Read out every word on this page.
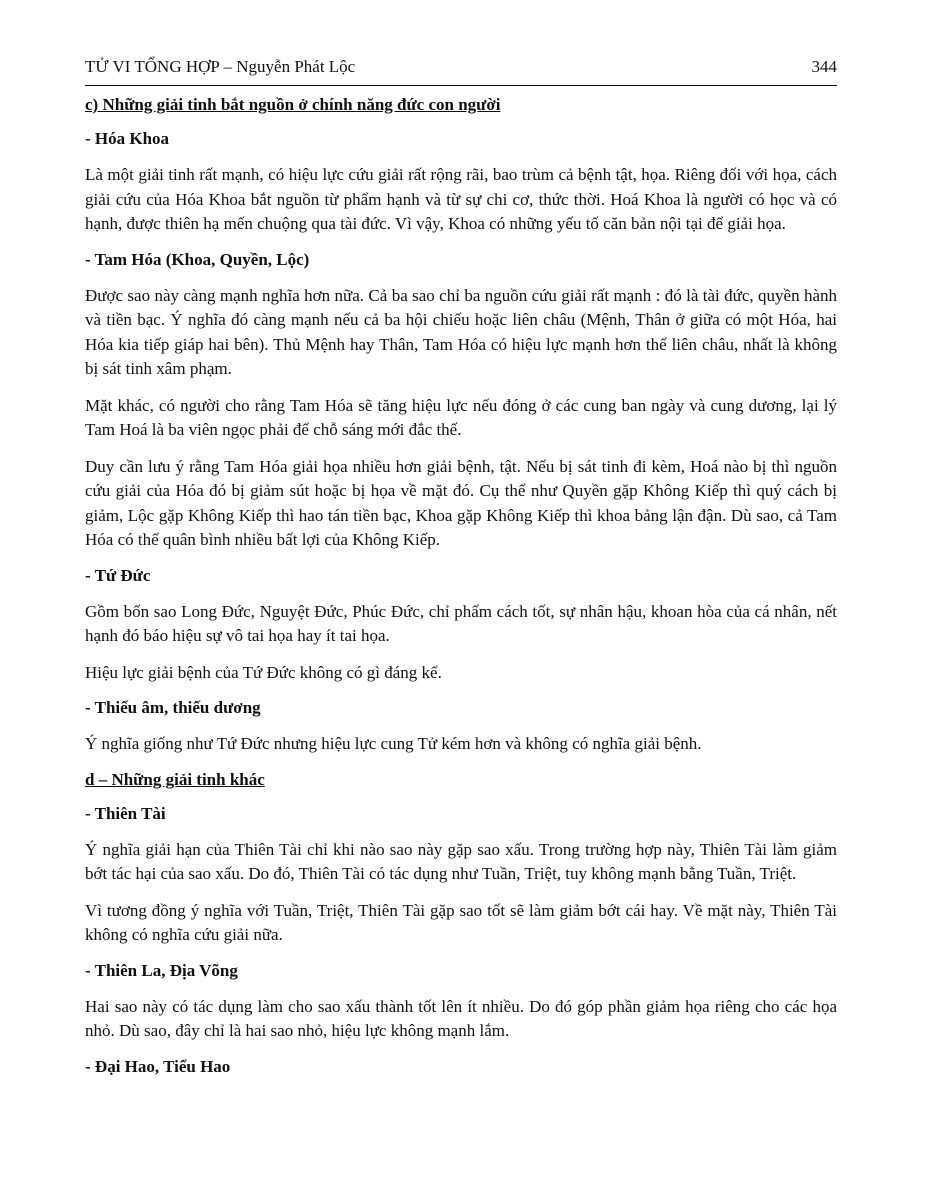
TỬ VI TỔNG HỢP – Nguyễn Phát Lộc	344

c) Những giải tinh bắt nguồn ở chính năng đức con người

- Hóa Khoa

Là một giải tinh rất mạnh, có hiệu lực cứu giải rất rộng rãi, bao trùm cả bệnh tật, họa. Riêng đối với họa, cách giải cứu của Hóa Khoa bắt nguồn từ phẩm hạnh và từ sự chi cơ, thức thời. Hoá Khoa là người có học và có hạnh, được thiên hạ mến chuộng qua tài đức. Vì vậy, Khoa có những yếu tố căn bản nội tại để giải họa.

- Tam Hóa (Khoa, Quyền, Lộc)

Được sao này càng mạnh nghĩa hơn nữa. Cả ba sao chỉ ba nguồn cứu giải rất mạnh : đó là tài đức, quyền hành và tiền bạc. Ý nghĩa đó càng mạnh nếu cả ba hội chiếu hoặc liên châu (Mệnh, Thân ở giữa có một Hóa, hai Hóa kia tiếp giáp hai bên). Thủ Mệnh hay Thân, Tam Hóa có hiệu lực mạnh hơn thế liên châu, nhất là không bị sát tinh xâm phạm.

Mặt khác, có người cho rằng Tam Hóa sẽ tăng hiệu lực nếu đóng ở các cung ban ngày và cung dương, lại lý Tam Hoá là ba viên ngọc phải để chỗ sáng mới đắc thế.

Duy cần lưu ý rằng Tam Hóa giải họa nhiều hơn giải bệnh, tật. Nếu bị sát tinh đi kèm, Hoá nào bị thì nguồn cứu giải của Hóa đó bị giảm sút hoặc bị họa về mặt đó. Cụ thể như Quyền gặp Không Kiếp thì quý cách bị giảm, Lộc gặp Không Kiếp thì hao tán tiền bạc, Khoa gặp Không Kiếp thì khoa bảng lận đận. Dù sao, cả Tam Hóa có thể quân bình nhiều bất lợi của Không Kiếp.

- Tứ Đức

Gồm bốn sao Long Đức, Nguyệt Đức, Phúc Đức, chỉ phẩm cách tốt, sự nhân hậu, khoan hòa của cá nhân, nết hạnh đó báo hiệu sự vô tai họa hay ít tai họa.

Hiệu lực giải bệnh của Tứ Đức không có gì đáng kể.

- Thiếu âm, thiếu dương

Ý nghĩa giống như Tứ Đức nhưng hiệu lực cung Tử kém hơn và không có nghĩa giải bệnh.

d – Những giải tinh khác

- Thiên Tài

Ý nghĩa giải hạn của Thiên Tài chỉ khi nào sao này gặp sao xấu. Trong trường hợp này, Thiên Tài làm giảm bớt tác hại của sao xấu. Do đó, Thiên Tài có tác dụng như Tuần, Triệt, tuy không mạnh bằng Tuần, Triệt.

Vì tương đồng ý nghĩa với Tuần, Triệt, Thiên Tài gặp sao tốt sẽ làm giảm bớt cái hay. Về mặt này, Thiên Tài không có nghĩa cứu giải nữa.

- Thiên La, Địa Võng

Hai sao này có tác dụng làm cho sao xấu thành tốt lên ít nhiều. Do đó góp phần giảm họa riêng cho các họa nhỏ. Dù sao, đây chỉ là hai sao nhỏ, hiệu lực không mạnh lắm.

- Đại Hao, Tiểu Hao
